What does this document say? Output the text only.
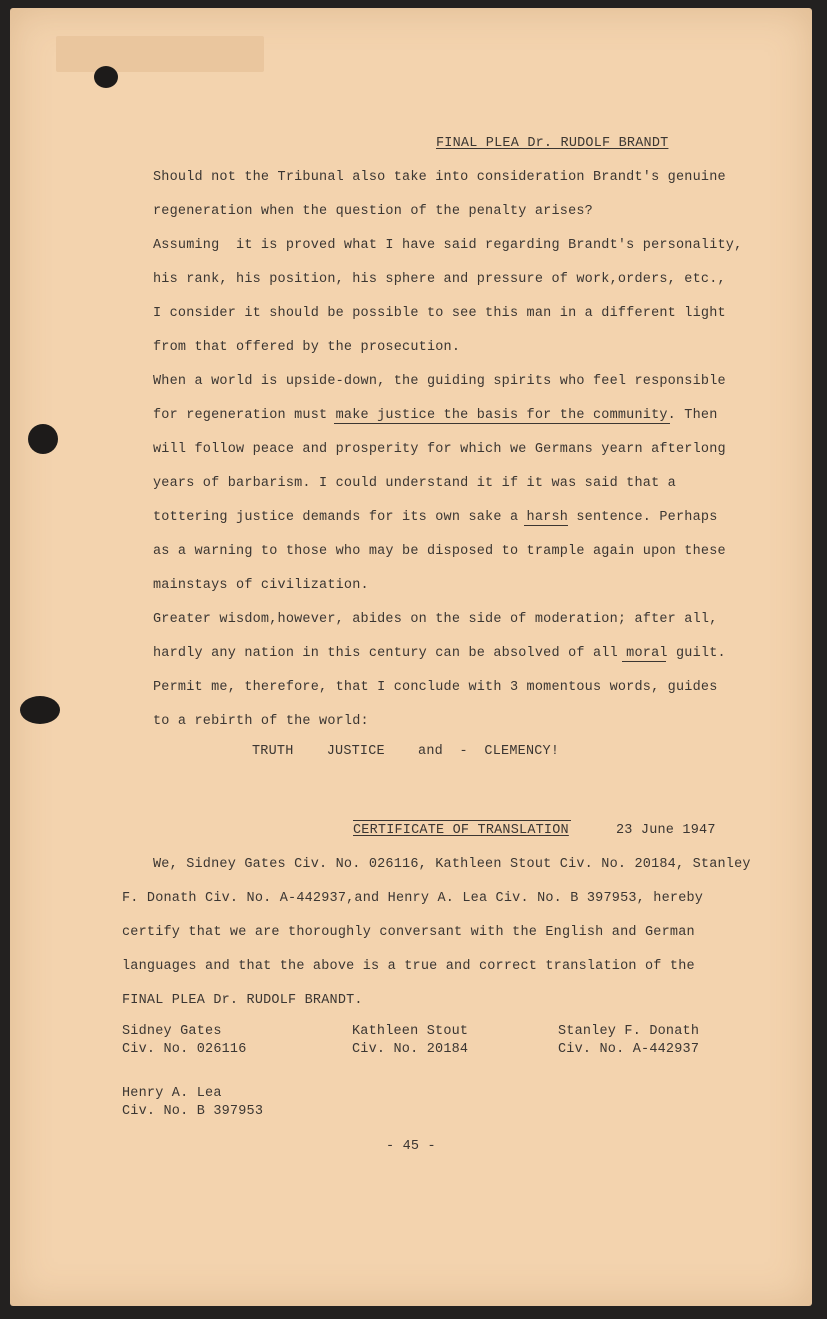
FINAL PLEA Dr. RUDOLF BRANDT
Should not the Tribunal also take into consideration Brandt's genuine
regeneration when the question of the penalty arises?
Assuming  it is proved what I have said regarding Brandt's personality,
his rank, his position, his sphere and pressure of work,orders, etc.,
I consider it should be possible to see this man in a different light
from that offered by the prosecution.
When a world is upside-down, the guiding spirits who feel responsible
for regeneration must make justice the basis for the community. Then
will follow peace and prosperity for which we Germans yearn afterlong
years of barbarism. I could understand it if it was said that a
tottering justice demands for its own sake a harsh sentence. Perhaps
as a warning to those who may be disposed to trample again upon these
mainstays of civilization.
Greater wisdom,however, abides on the side of moderation; after all,
hardly any nation in this century can be absolved of all moral guilt.
Permit me, therefore, that I conclude with 3 momentous words, guides
to a rebirth of the world:
TRUTH    JUSTICE    and  -  CLEMENCY!
CERTIFICATE OF TRANSLATION	23 June 1947
We, Sidney Gates Civ. No. 026116, Kathleen Stout Civ. No. 20184, Stanley
F. Donath Civ. No. A-442937,and Henry A. Lea Civ. No. B 397953, hereby
certify that we are thoroughly conversant with the English and German
languages and that the above is a true and correct translation of the
FINAL PLEA Dr. RUDOLF BRANDT.
Sidney Gates
Civ. No. 026116
Kathleen Stout
Civ. No. 20184
Stanley F. Donath
Civ. No. A-442937
Henry A. Lea
Civ. No. B 397953
- 45 -
